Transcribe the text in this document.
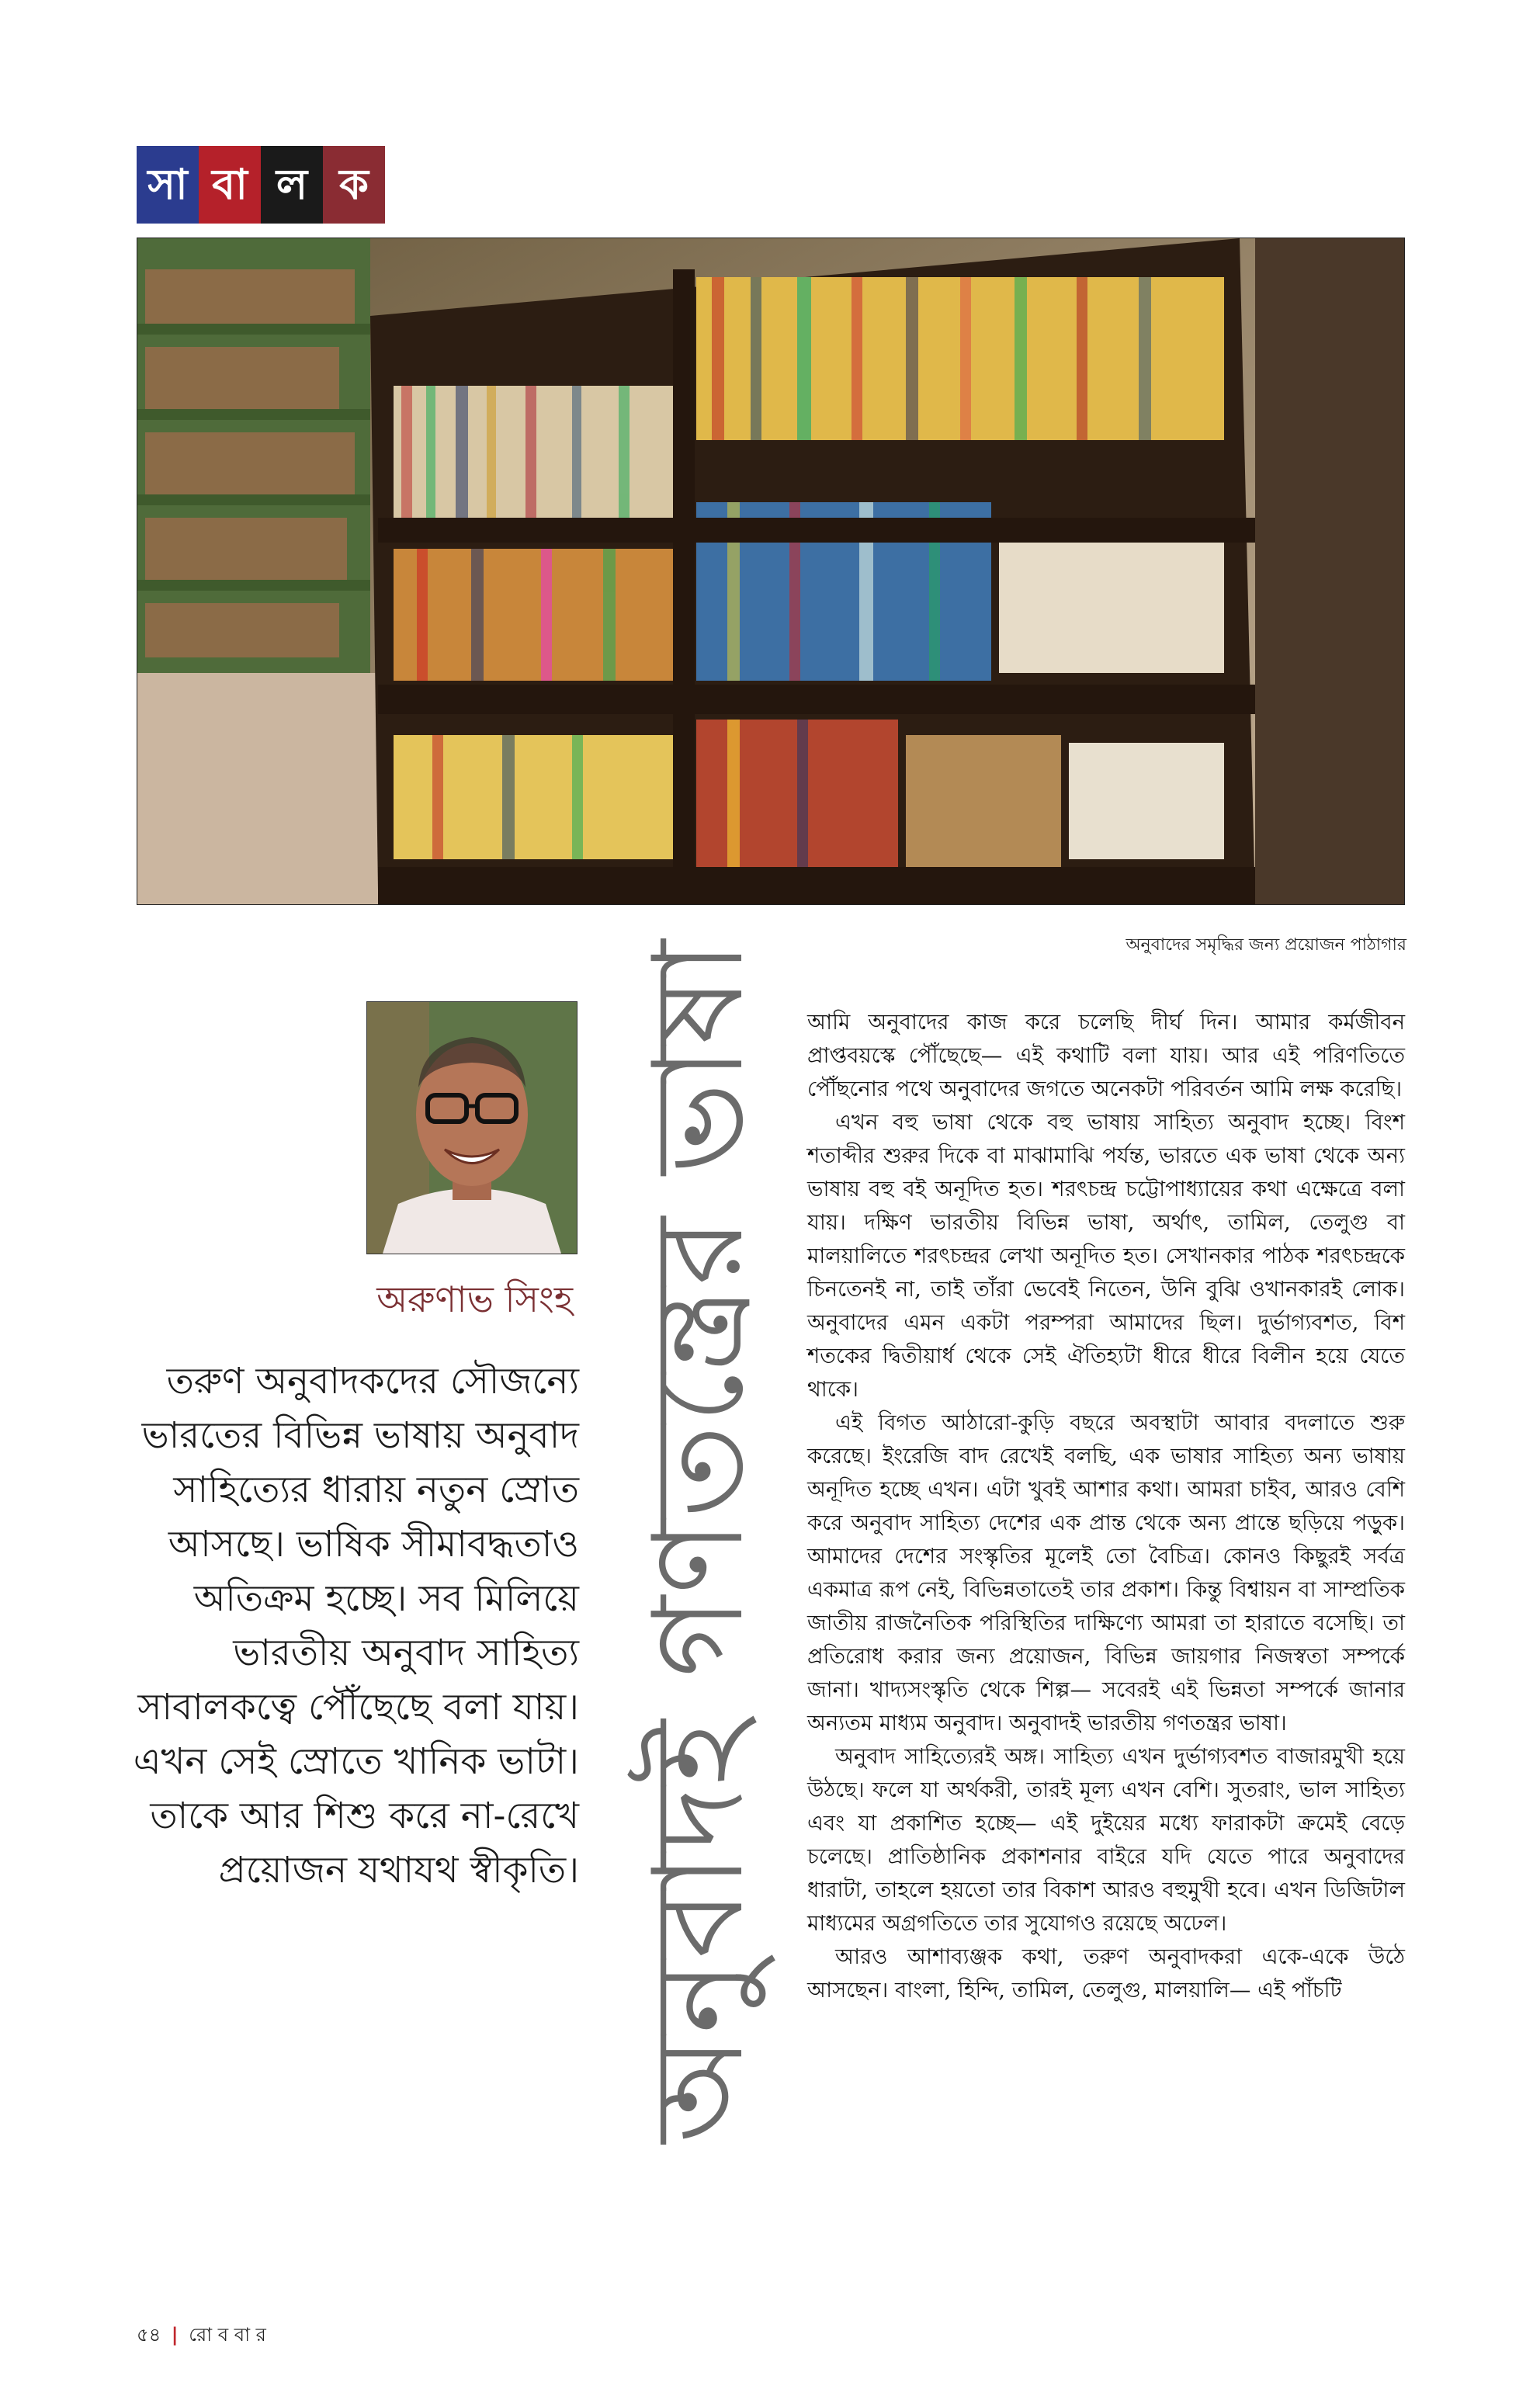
সা বা ল ক
অনুবাদের সমৃদ্ধির জন্য প্রয়োজন পাঠাগার
অরুণাভ সিংহ
তরুণ অনুবাদকদের সৌজন্যে ভারতের বিভিন্ন ভাষায় অনুবাদ সাহিত্যের ধারায় নতুন স্রোত আসছে। ভাষিক সীমাবদ্ধতাও অতিক্রম হচ্ছে। সব মিলিয়ে ভারতীয় অনুবাদ সাহিত্য সাবালকত্বে পৌঁছেছে বলা যায়। এখন সেই স্রোতে খানিক ভাটা। তাকে আর শিশু করে না-রেখে প্রয়োজন যথাযথ স্বীকৃতি। অনুবাদই গণতন্ত্রের ভাষা	আমি অনুবাদের কাজ করে চলেছি দীর্ঘ দিন। আমার কর্মজীবন প্রাপ্তবয়স্কে পৌঁছেছে— এই কথাটি বলা যায়। আর এই পরিণতিতে পৌঁছনোর পথে অনুবাদের জগতে অনেকটা পরিবর্তন আমি লক্ষ করেছি।

এখন বহু ভাষা থেকে বহু ভাষায় সাহিত্য অনুবাদ হচ্ছে। বিংশ শতাব্দীর শুরুর দিকে বা মাঝামাঝি পর্যন্ত, ভারতে এক ভাষা থেকে অন্য ভাষায় বহু বই অনূদিত হত। শরৎচন্দ্র চট্টোপাধ্যায়ের কথা এক্ষেত্রে বলা যায়। দক্ষিণ ভারতীয় বিভিন্ন ভাষা, অর্থাৎ, তামিল, তেলুগু বা মালয়ালিতে শরৎচন্দ্রর লেখা অনূদিত হত। সেখানকার পাঠক শরৎচন্দ্রকে চিনতেনই না, তাই তাঁরা ভেবেই নিতেন, উনি বুঝি ওখানকারই লোক। অনুবাদের এমন একটা পরম্পরা আমাদের ছিল। দুর্ভাগ্যবশত, বিশ শতকের দ্বিতীয়ার্ধ থেকে সেই ঐতিহ্যটা ধীরে ধীরে বিলীন হয়ে যেতে থাকে।

এই বিগত আঠারো-কুড়ি বছরে অবস্থাটা আবার বদলাতে শুরু করেছে। ইংরেজি বাদ রেখেই বলছি, এক ভাষার সাহিত্য অন্য ভাষায় অনূদিত হচ্ছে এখন। এটা খুবই আশার কথা। আমরা চাইব, আরও বেশি করে অনুবাদ সাহিত্য দেশের এক প্রান্ত থেকে অন্য প্রান্তে ছড়িয়ে পড়ুক। আমাদের দেশের সংস্কৃতির মূলেই তো বৈচিত্র। কোনও কিছুরই সর্বত্র একমাত্র রূপ নেই, বিভিন্নতাতেই তার প্রকাশ। কিন্তু বিশ্বায়ন বা সাম্প্রতিক জাতীয় রাজনৈতিক পরিস্থিতির দাক্ষিণ্যে আমরা তা হারাতে বসেছি। তা প্রতিরোধ করার জন্য প্রয়োজন, বিভিন্ন জায়গার নিজস্বতা সম্পর্কে জানা। খাদ্যসংস্কৃতি থেকে শিল্প— সবেরই এই ভিন্নতা সম্পর্কে জানার অন্যতম মাধ্যম অনুবাদ। অনুবাদই ভারতীয় গণতন্ত্রর ভাষা।

অনুবাদ সাহিত্যেরই অঙ্গ। সাহিত্য এখন দুর্ভাগ্যবশত বাজারমুখী হয়ে উঠছে। ফলে যা অর্থকরী, তারই মূল্য এখন বেশি। সুতরাং, ভাল সাহিত্য এবং যা প্রকাশিত হচ্ছে— এই দুইয়ের মধ্যে ফারাকটা ক্রমেই বেড়ে চলেছে। প্রাতিষ্ঠানিক প্রকাশনার বাইরে যদি যেতে পারে অনুবাদের ধারাটা, তাহলে হয়তো তার বিকাশ আরও বহুমুখী হবে। এখন ডিজিটাল মাধ্যমের অগ্রগতিতে তার সুযোগও রয়েছে অঢেল।

আরও আশাব্যঞ্জক কথা, তরুণ অনুবাদকরা একে-একে উঠে আসছেন। বাংলা, হিন্দি, তামিল, তেলুগু, মালয়ালি— এই পাঁচটি

৫৪ | রো ব বা র
